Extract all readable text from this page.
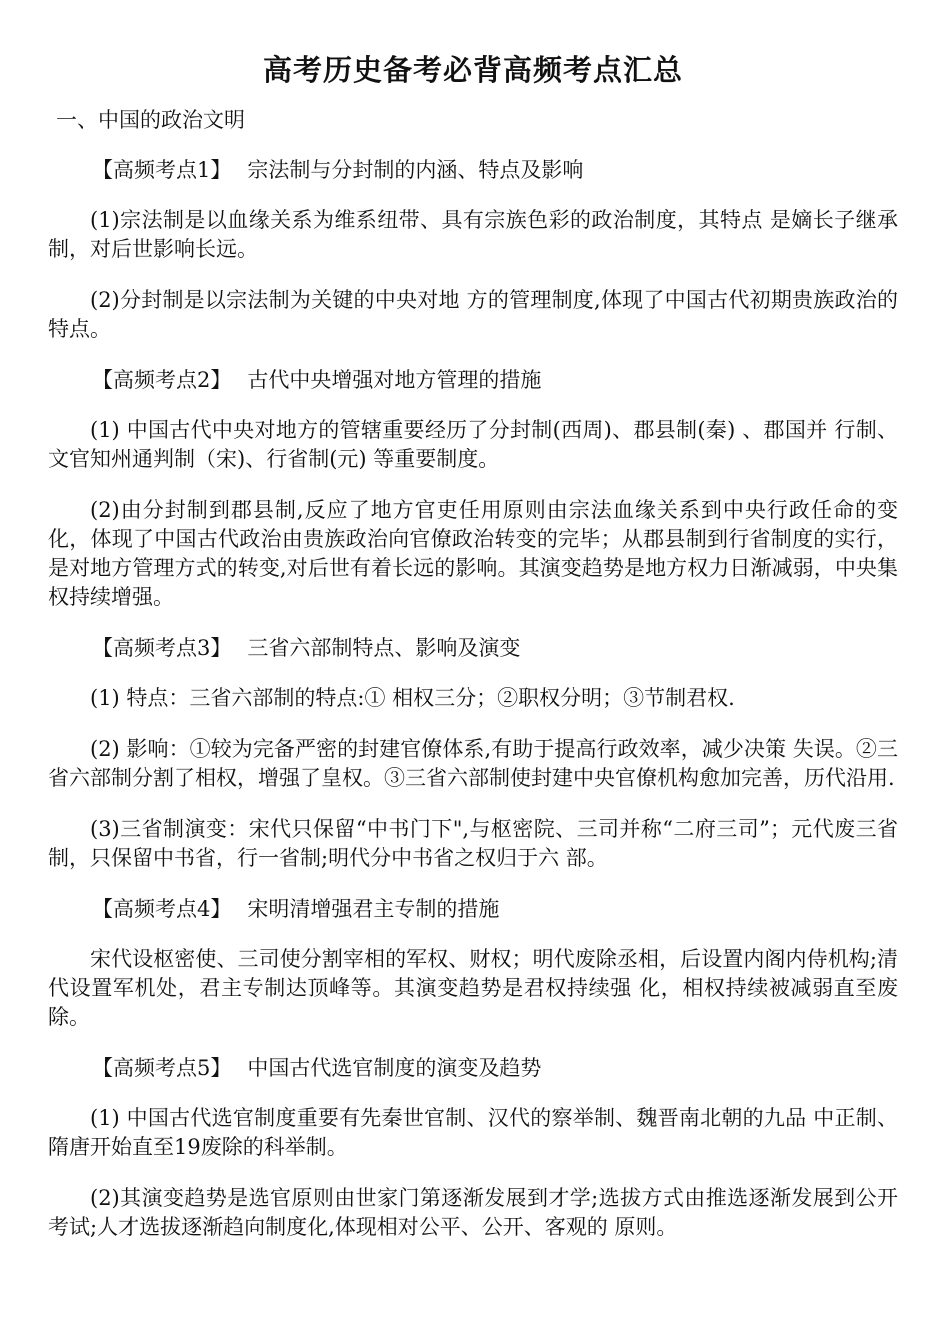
高考历史备考必背高频考点汇总
一、中国的政治文明
【高频考点1】 宗法制与分封制的内涵、特点及影响

(1)宗法制是以血缘关系为维系纽带、具有宗族色彩的政治制度，其特点 是嫡长子继承制，对后世影响长远。

(2)分封制是以宗法制为关键的中央对地 方的管理制度,体现了中国古代初期贵族政治的特点。

【高频考点2】 古代中央增强对地方管理的措施

(1) 中国古代中央对地方的管辖重要经历了分封制(西周)、郡县制(秦) 、郡国并 行制、文官知州通判制（宋)、行省制(元) 等重要制度。

(2)由分封制到郡县制,反应了地方官吏任用原则由宗法血缘关系到中央行政任命的变化，体现了中国古代政治由贵族政治向官僚政治转变的完毕；从郡县制到行省制度的实行，是对地方管理方式的转变,对后世有着长远的影响。其演变趋势是地方权力日渐减弱，中央集权持续增强。

【高频考点3】 三省六部制特点、影响及演变

(1) 特点：三省六部制的特点:① 相权三分；②职权分明；③节制君权.

(2) 影响：①较为完备严密的封建官僚体系,有助于提高行政效率，减少决策 失误。②三省六部制分割了相权，增强了皇权。③三省六部制使封建中央官僚机构愈加完善，历代沿用.

(3)三省制演变：宋代只保留“中书门下",与枢密院、三司并称“二府三司”；元代废三省制，只保留中书省，行一省制;明代分中书省之权归于六 部。

【高频考点4】 宋明清增强君主专制的措施

宋代设枢密使、三司使分割宰相的军权、财权；明代废除丞相，后设置内阁内侍机构;清代设置军机处，君主专制达顶峰等。其演变趋势是君权持续强 化，相权持续被减弱直至废除。

【高频考点5】 中国古代选官制度的演变及趋势

(1) 中国古代选官制度重要有先秦世官制、汉代的察举制、魏晋南北朝的九品 中正制、隋唐开始直至19废除的科举制。

(2)其演变趋势是选官原则由世家门第逐渐发展到才学;选拔方式由推选逐渐发展到公开考试;人才选拔逐渐趋向制度化,体现相对公平、公开、客观的 原则。
